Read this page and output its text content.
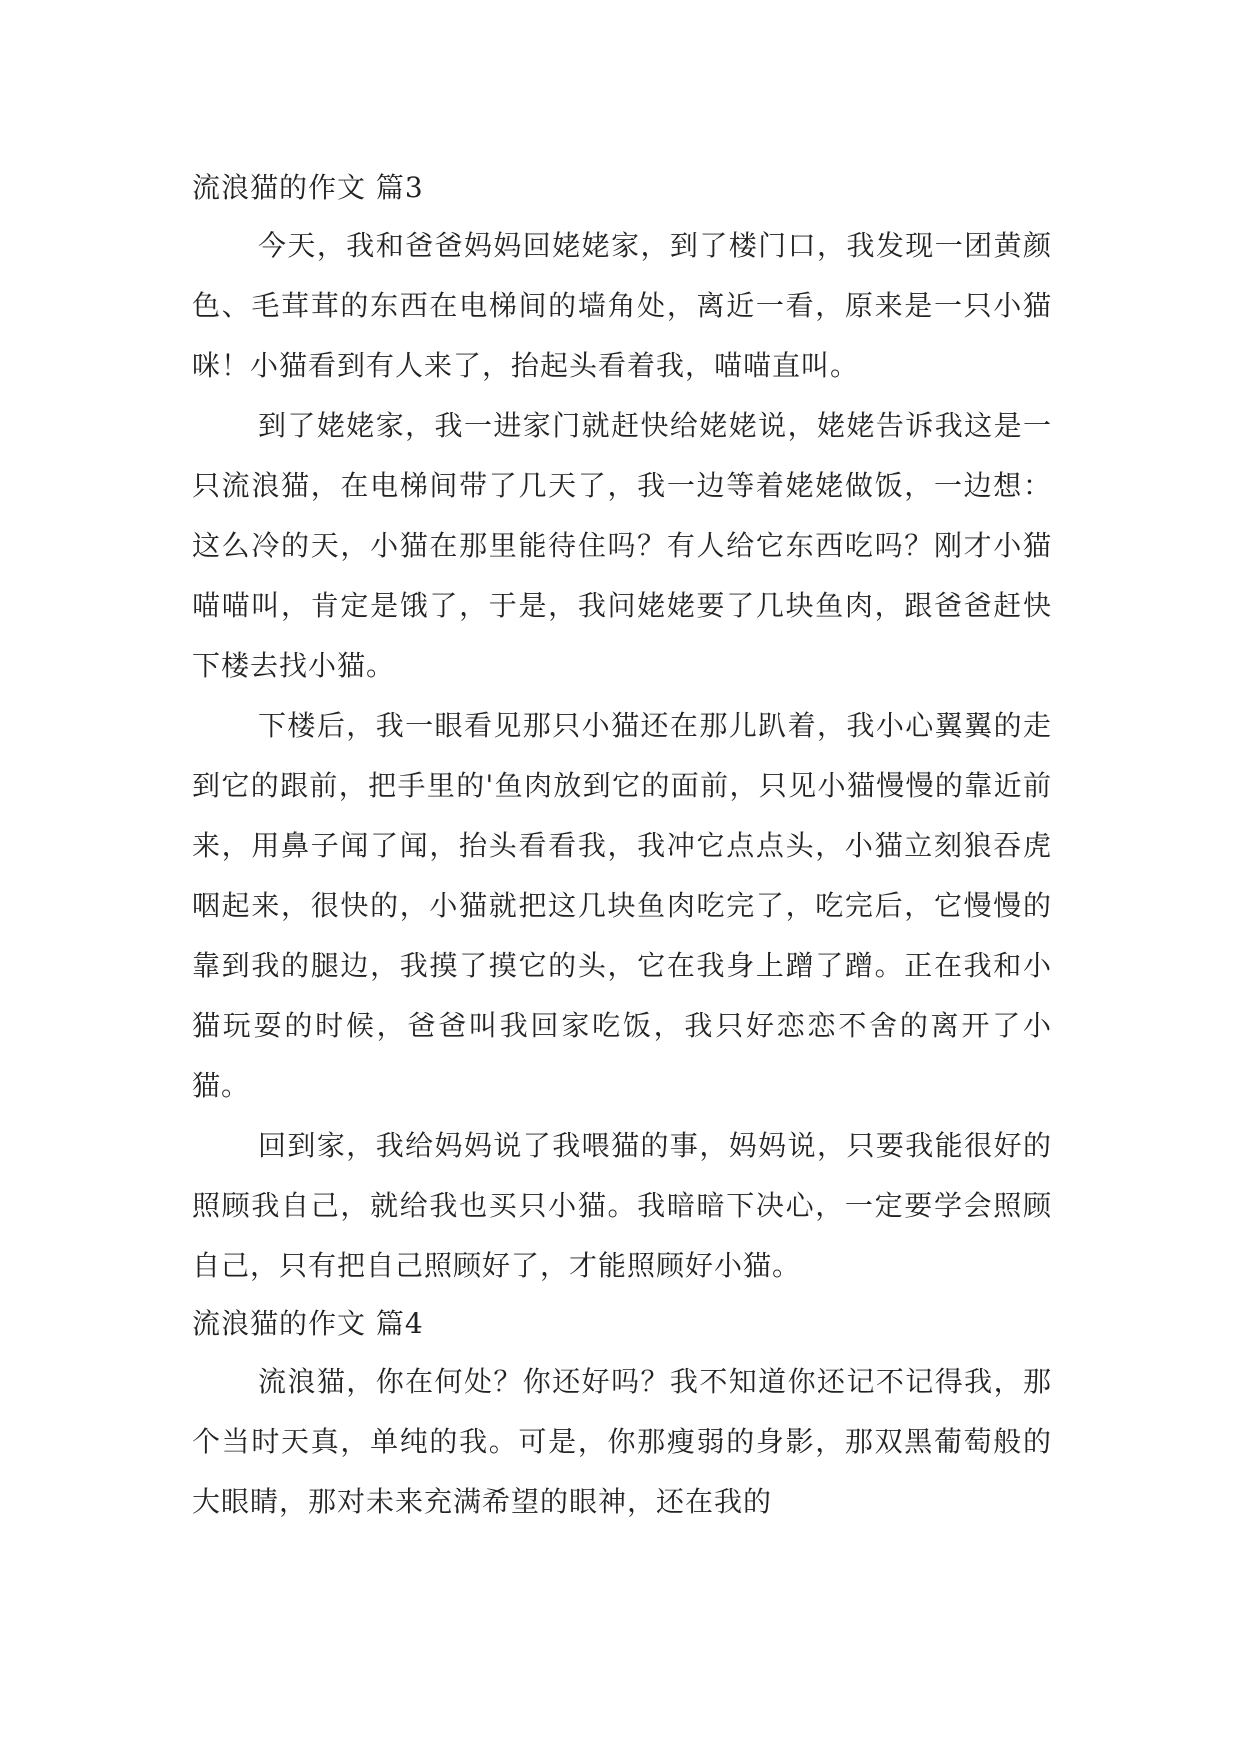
流浪猫的作文 篇3

今天，我和爸爸妈妈回姥姥家，到了楼门口，我发现一团黄颜色、毛茸茸的东西在电梯间的墙角处，离近一看，原来是一只小猫咪！小猫看到有人来了，抬起头看着我，喵喵直叫。

到了姥姥家，我一进家门就赶快给姥姥说，姥姥告诉我这是一只流浪猫，在电梯间带了几天了，我一边等着姥姥做饭，一边想：这么冷的天，小猫在那里能待住吗？有人给它东西吃吗？刚才小猫喵喵叫，肯定是饿了，于是，我问姥姥要了几块鱼肉，跟爸爸赶快下楼去找小猫。

下楼后，我一眼看见那只小猫还在那儿趴着，我小心翼翼的走到它的跟前，把手里的'鱼肉放到它的面前，只见小猫慢慢的靠近前来，用鼻子闻了闻，抬头看看我，我冲它点点头，小猫立刻狼吞虎咽起来，很快的，小猫就把这几块鱼肉吃完了，吃完后，它慢慢的靠到我的腿边，我摸了摸它的头，它在我身上蹭了蹭。正在我和小猫玩耍的时候，爸爸叫我回家吃饭，我只好恋恋不舍的离开了小猫。

回到家，我给妈妈说了我喂猫的事，妈妈说，只要我能很好的照顾我自己，就给我也买只小猫。我暗暗下决心，一定要学会照顾自己，只有把自己照顾好了，才能照顾好小猫。

流浪猫的作文 篇4

流浪猫，你在何处？你还好吗？我不知道你还记不记得我，那个当时天真，单纯的我。可是，你那瘦弱的身影，那双黑葡萄般的大眼睛，那对未来充满希望的眼神，还在我的
